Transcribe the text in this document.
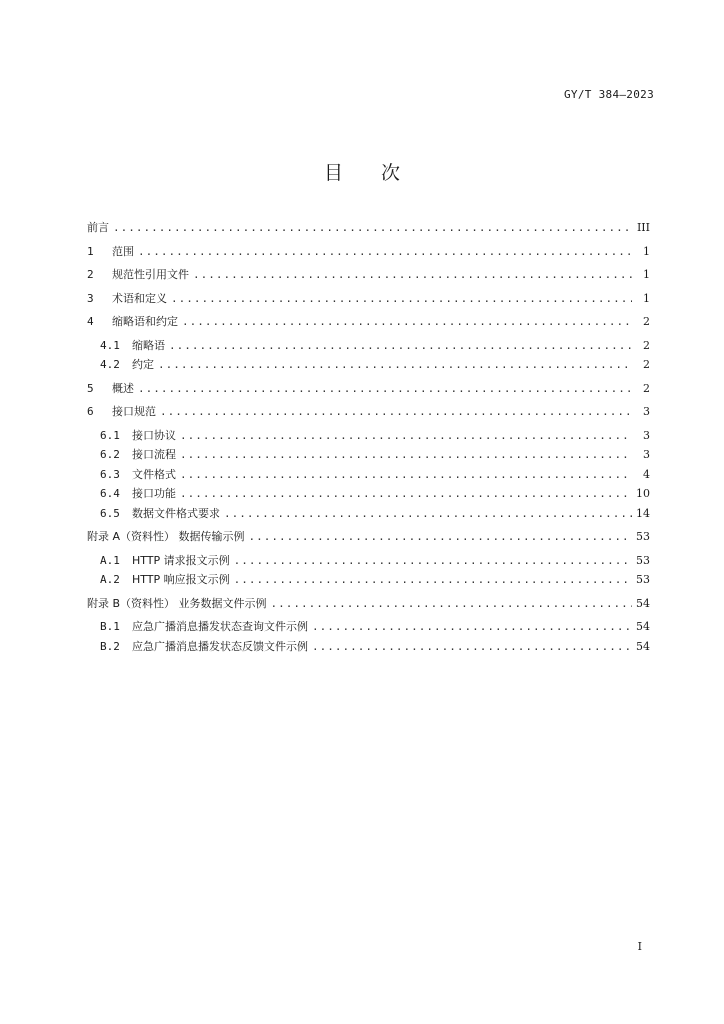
GY/T 384—2023
目 次
前言 .....	III
1	范围 .....	1
2	规范性引用文件 .....	1
3	术语和定义 .....	1
4	缩略语和约定 .....	2
4.1	缩略语 .....	2
4.2	约定 .....	2
5	概述 .....	2
6	接口规范 .....	3
6.1	接口协议 .....	3
6.2	接口流程 .....	3
6.3	文件格式 .....	4
6.4	接口功能 .....	10
6.5	数据文件格式要求 .....	14
附录 A（资料性） 数据传输示例 .....	53
A.1	HTTP 请求报文示例 .....	53
A.2	HTTP 响应报文示例 .....	53
附录 B（资料性） 业务数据文件示例 .....	54
B.1	应急广播消息播发状态查询文件示例 .....	54
B.2	应急广播消息播发状态反馈文件示例 .....	54
I
